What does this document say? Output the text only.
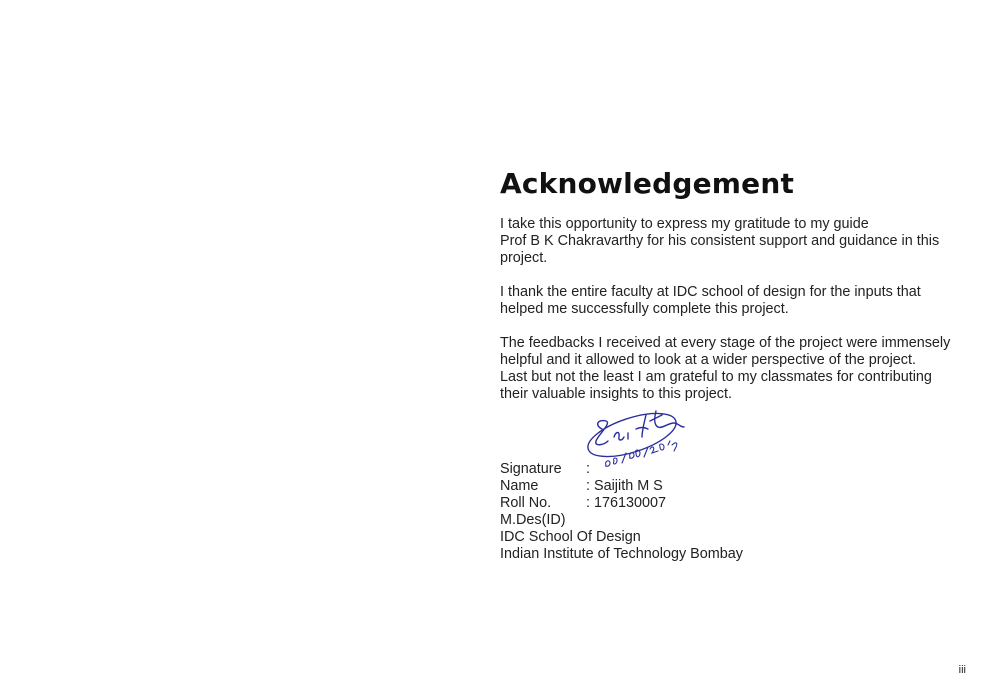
Acknowledgement

I take this opportunity to express my gratitude to my guide
Prof B K Chakravarthy for his consistent support and guidance in this
project.

I thank the entire faculty at IDC school of design for the inputs that
helped me successfully complete this project.

The feedbacks I received at every stage of the project were immensely
helpful and it allowed to look at a wider perspective of the project.
Last but not the least I am grateful to my classmates for contributing
their valuable insights to this project.

Signature	:
Name	: Saijith M S
Roll No.	: 176130007
M.Des(ID)
IDC School Of Design
Indian Institute of Technology Bombay
iii
